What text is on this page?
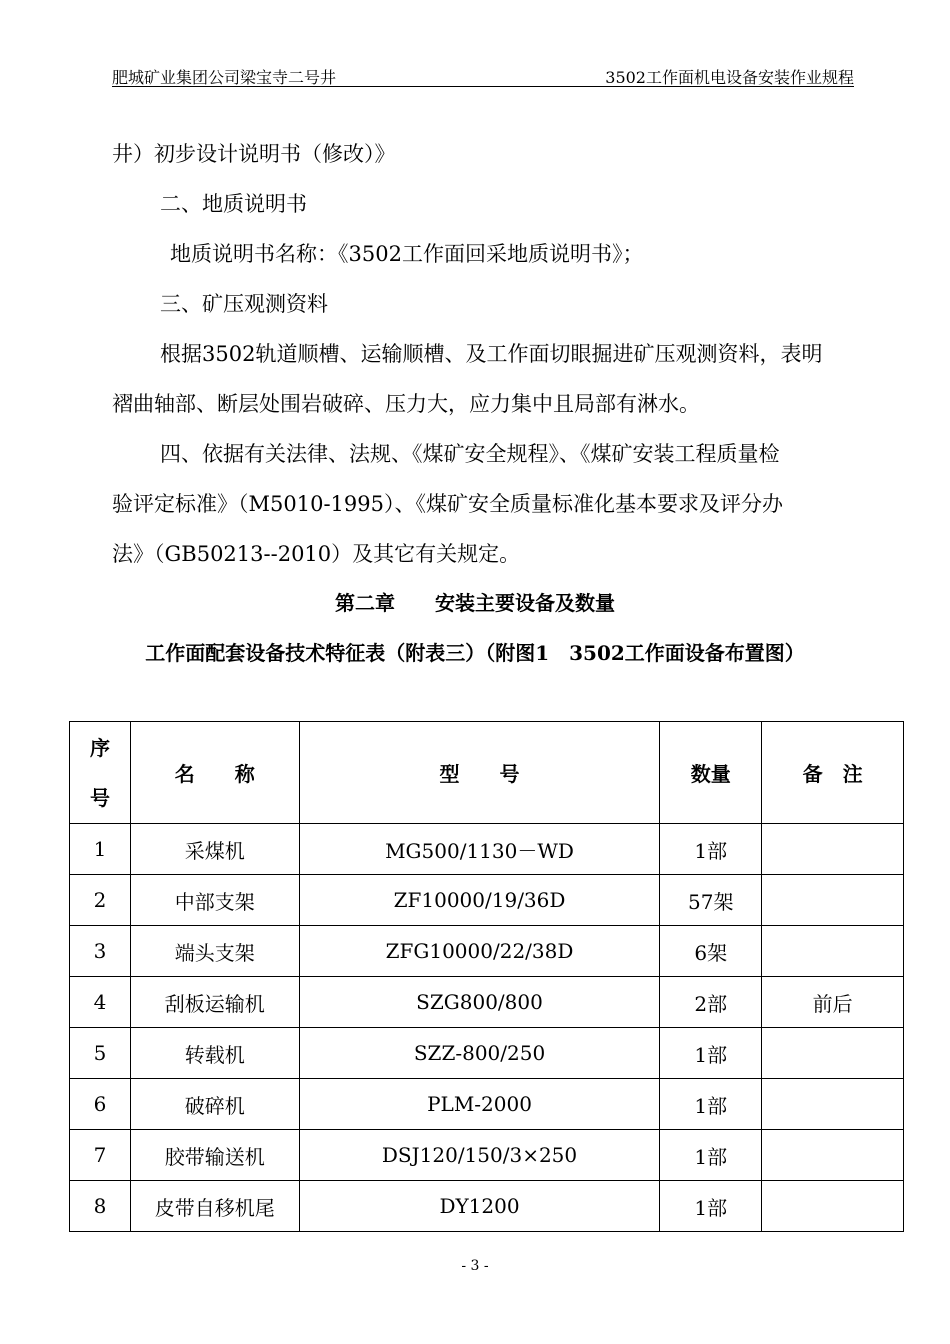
肥城矿业集团公司梁宝寺二号井	3502工作面机电设备安装作业规程
井）初步设计说明书（修改）》
二、地质说明书
地质说明书名称：《3502工作面回采地质说明书》；
三、矿压观测资料
根据3502轨道顺槽、运输顺槽、及工作面切眼掘进矿压观测资料，表明
褶曲轴部、断层处围岩破碎、压力大，应力集中且局部有淋水。
四、依据有关法律、法规、《煤矿安全规程》、《煤矿安装工程质量检
验评定标准》（M5010-1995）、《煤矿安全质量标准化基本要求及评分办
法》（GB50213--2010）及其它有关规定。
第二章　　安装主要设备及数量
工作面配套设备技术特征表（附表三）（附图1　3502工作面设备布置图）
序号	名　　称	型　　号	数量	备　注
1	采煤机	MG500/1130－WD	1部	
2	中部支架	ZF10000/19/36D	57架	
3	端头支架	ZFG10000/22/38D	6架	
4	刮板运输机	SZG800/800	2部	前后
5	转载机	SZZ-800/250	1部	
6	破碎机	PLM-2000	1部	
7	胶带输送机	DSJ120/150/3×250	1部	
8	皮带自移机尾	DY1200	1部	
- 3 -
